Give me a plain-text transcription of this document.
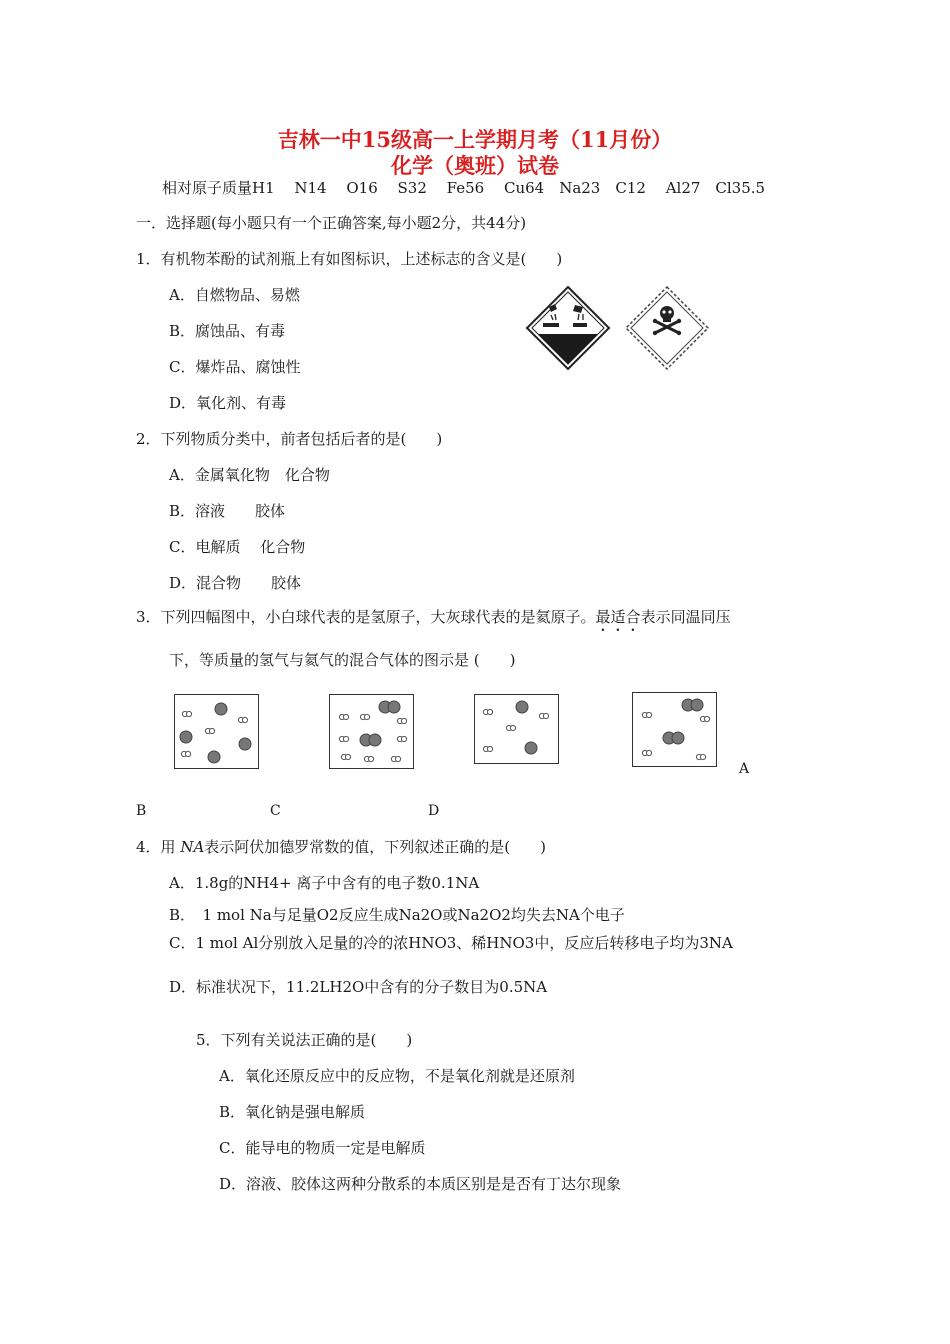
吉林一中15级高一上学期月考（11月份）
化学（奥班）试卷
相对原子质量H1　 N14　 O16　 S32　 Fe56　 Cu64　Na23　C12　 Al27　Cl35.5
一．选择题(每小题只有一个正确答案,每小题2分，共44分)
1．有机物苯酚的试剂瓶上有如图标识，上述标志的含义是(　　)
A．自燃物品、易燃
B．腐蚀品、有毒
C．爆炸品、腐蚀性
D．氧化剂、有毒
2．下列物质分类中，前者包括后者的是(　　)
A．金属氧化物　化合物
B．溶液　　胶体
C．电解质　 化合物
D．混合物　　胶体
3．下列四幅图中，小白球代表的是氢原子，大灰球代表的是氦原子。最适合表示同温同压
下，等质量的氢气与氦气的混合气体的图示是 (　　)
A
B	C	D
4．用 NA表示阿伏加德罗常数的值，下列叙述正确的是(　　)
A．1.8g的NH4+ 离子中含有的电子数0.1NA
B．　1 mol Na与足量O2反应生成Na2O或Na2O2均失去NA个电子
C．1 mol Al分别放入足量的冷的浓HNO3、稀HNO3中，反应后转移电子均为3NA
D．标准状况下，11.2LH2O中含有的分子数目为0.5NA
5．下列有关说法正确的是(　　)
A．氧化还原反应中的反应物，不是氧化剂就是还原剂
B．氧化钠是强电解质
C．能导电的物质一定是电解质
D．溶液、胶体这两种分散系的本质区别是是否有丁达尔现象
